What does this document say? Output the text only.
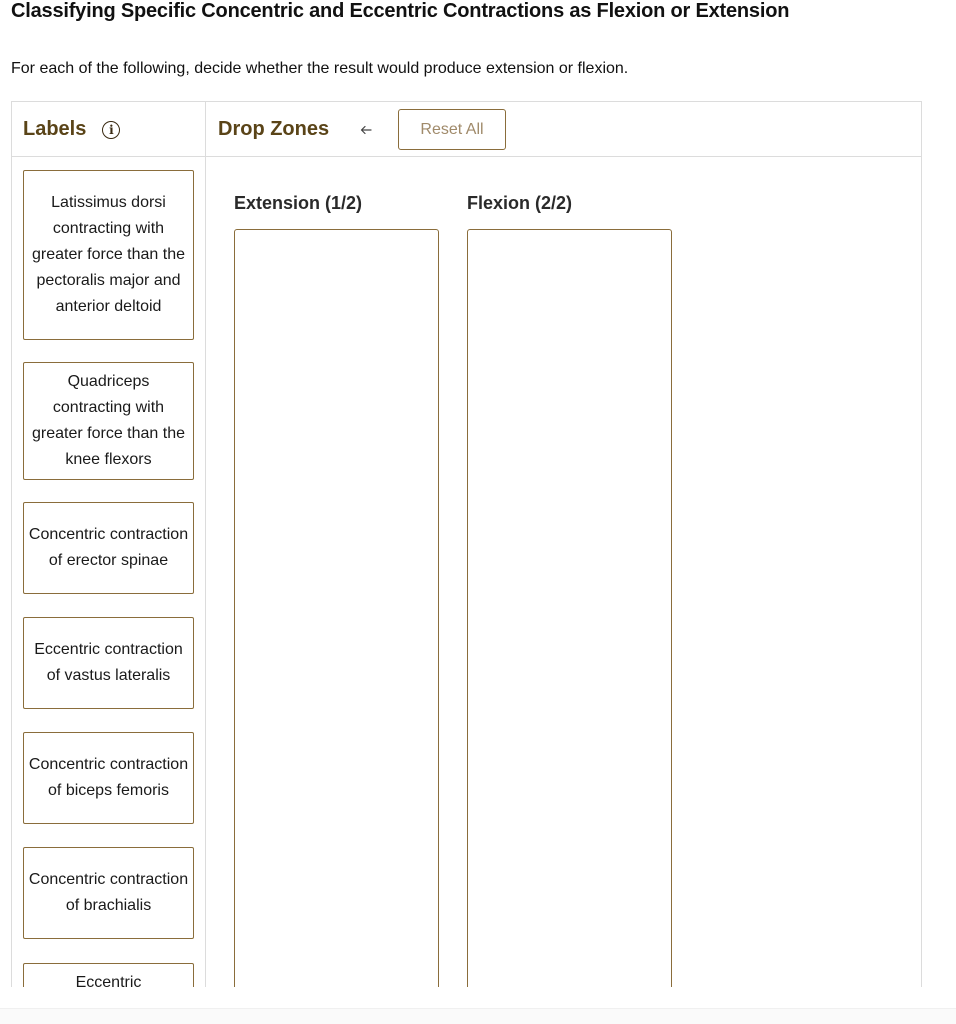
Classifying Specific Concentric and Eccentric Contractions as Flexion or Extension
For each of the following, decide whether the result would produce extension or flexion.
Labels	i	Drop Zones	Reset All
Latissimus dorsi contracting with greater force than the pectoralis major and anterior deltoid
Quadriceps contracting with greater force than the knee flexors
Concentric contraction of erector spinae
Eccentric contraction of vastus lateralis
Concentric contraction of biceps femoris
Concentric contraction of brachialis
Eccentric
Extension (1/2)	Flexion (2/2)
